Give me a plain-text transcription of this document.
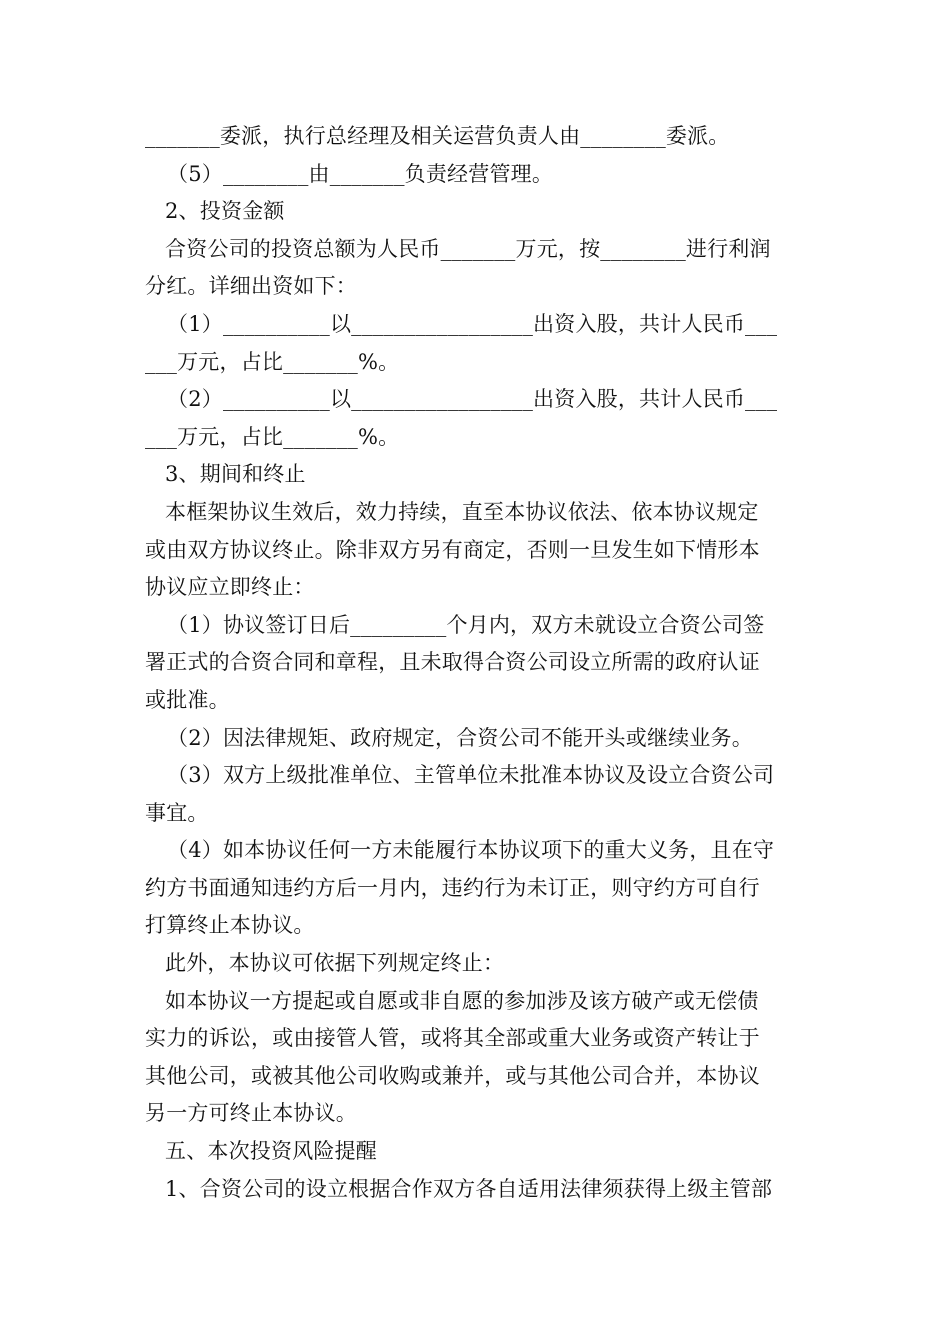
_______委派，执行总经理及相关运营负责人由________委派。
（5）________由_______负责经营管理。
2、投资金额
合资公司的投资总额为人民币_______万元，按________进行利润
分红。详细出资如下：
（1）__________以_________________出资入股，共计人民币___
___万元，占比_______%。
（2）__________以_________________出资入股，共计人民币___
___万元，占比_______%。
3、期间和终止
本框架协议生效后，效力持续，直至本协议依法、依本协议规定
或由双方协议终止。除非双方另有商定，否则一旦发生如下情形本
协议应立即终止：
（1）协议签订日后_________个月内，双方未就设立合资公司签
署正式的合资合同和章程，且未取得合资公司设立所需的政府认证
或批准。
（2）因法律规矩、政府规定，合资公司不能开头或继续业务。
（3）双方上级批准单位、主管单位未批准本协议及设立合资公司
事宜。
（4）如本协议任何一方未能履行本协议项下的重大义务，且在守
约方书面通知违约方后一月内，违约行为未订正，则守约方可自行
打算终止本协议。
此外，本协议可依据下列规定终止：
如本协议一方提起或自愿或非自愿的参加涉及该方破产或无偿债
实力的诉讼，或由接管人管，或将其全部或重大业务或资产转让于
其他公司，或被其他公司收购或兼并，或与其他公司合并，本协议
另一方可终止本协议。
五、本次投资风险提醒
1、合资公司的设立根据合作双方各自适用法律须获得上级主管部
